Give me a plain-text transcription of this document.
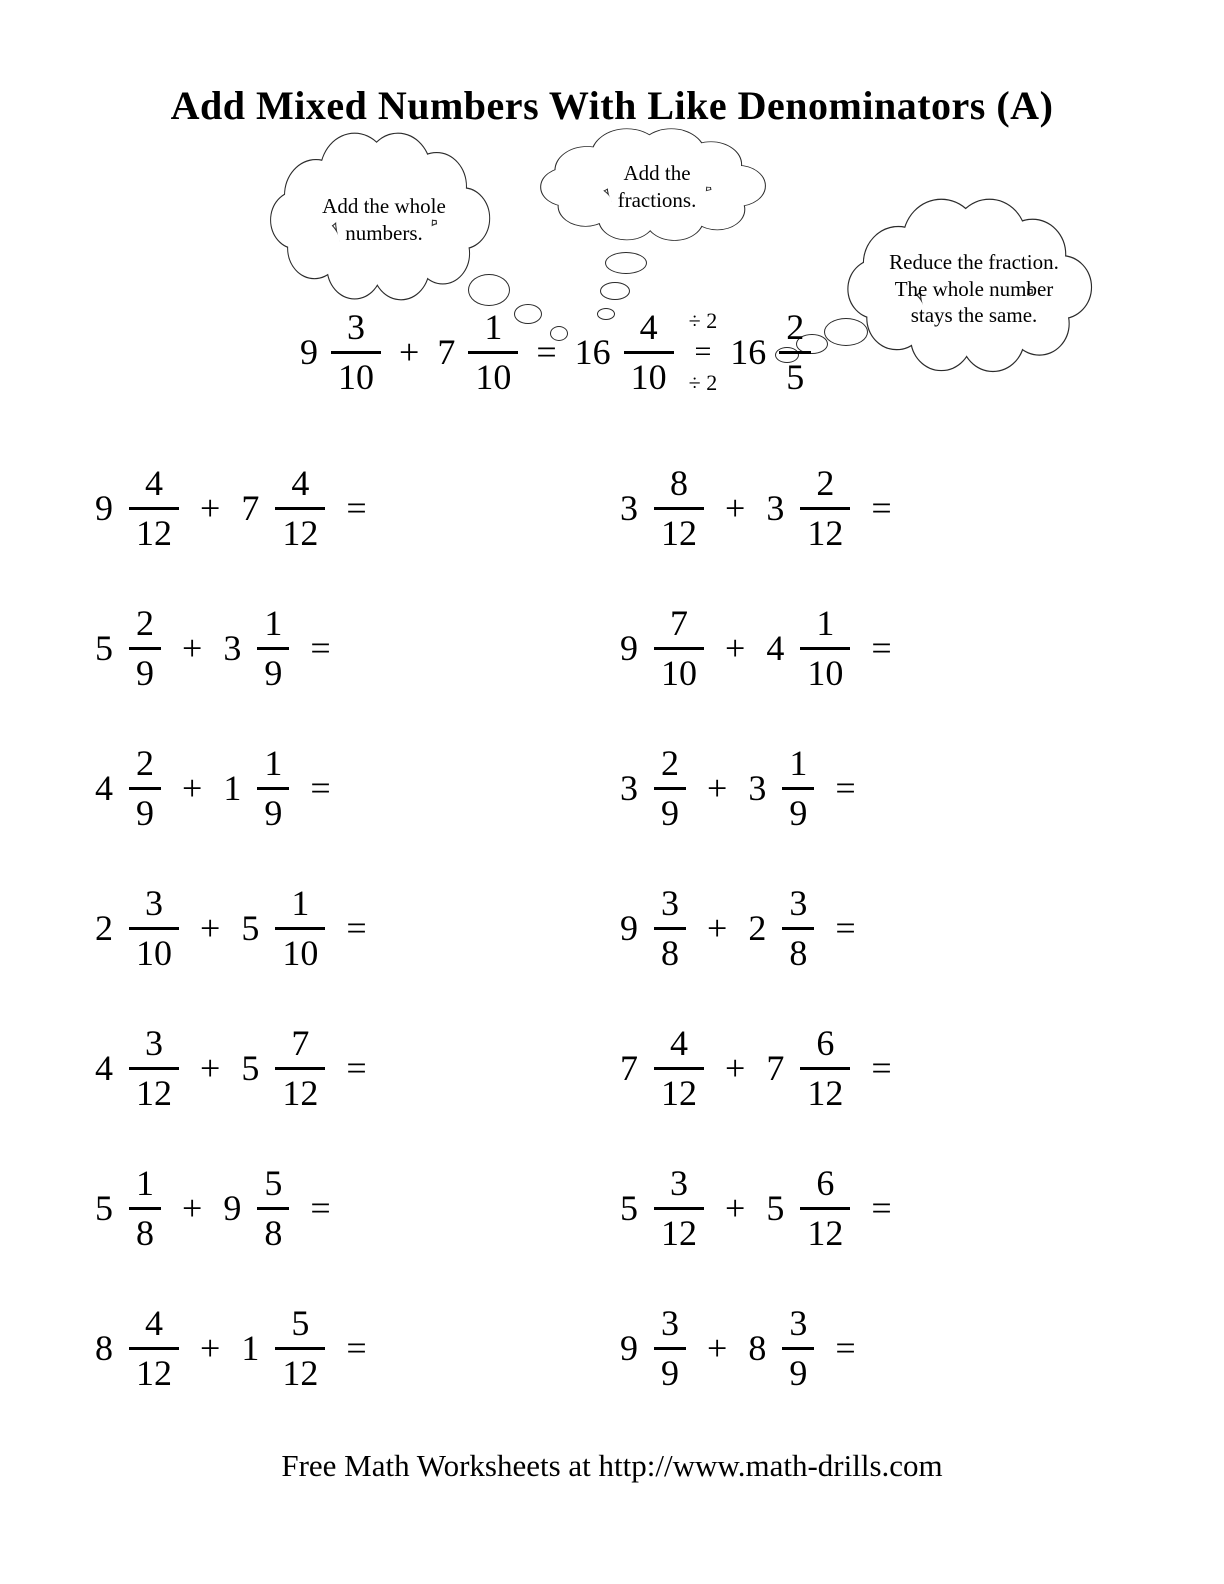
Add Mixed Numbers With Like Denominators (A)
Add the whole numbers.
Add the fractions.
Reduce the fraction. The whole number stays the same.
$9 \frac{3}{10} + 7 \frac{1}{10} = 16 \frac{4}{10} \div 2$
=
÷ 2
$16 \frac{2}{5}$
$9 \frac{4}{12} + 7 \frac{4}{12}$ =	$3 \frac{8}{12} + 3 \frac{2}{12}$ =
$5 \frac{2}{9} + 3 \frac{1}{9}$ =	$9 \frac{7}{10} + 4 \frac{1}{10}$ =
$4 \frac{2}{9} + 1 \frac{1}{9}$ =	$3 \frac{2}{9} + 3 \frac{1}{9}$ =
$2 \frac{3}{10} + 5 \frac{1}{10}$ =	$9 \frac{3}{8} + 2 \frac{3}{8}$ =
$4 \frac{3}{12} + 5 \frac{7}{12}$ =	$7 \frac{4}{12} + 7 \frac{6}{12}$ =
$5 \frac{1}{8} + 9 \frac{5}{8}$ =	$5 \frac{3}{12} + 5 \frac{6}{12}$ =
$8 \frac{4}{12} + 1 \frac{5}{12}$ =	$9 \frac{3}{9} + 8 \frac{3}{9}$ =
Free Math Worksheets at http://www.math-drills.com
